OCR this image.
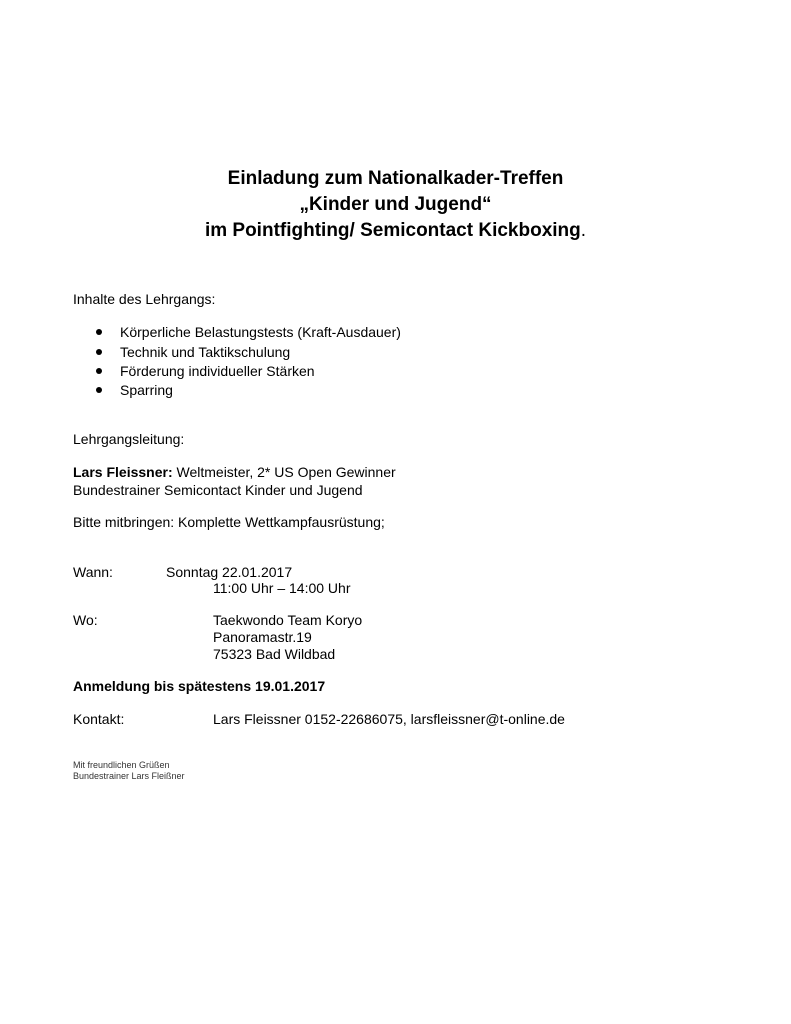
Einladung zum Nationalkader-Treffen
„Kinder und Jugend“
im Pointfighting/ Semicontact Kickboxing.
Inhalte des Lehrgangs:
Körperliche Belastungstests (Kraft-Ausdauer)
Technik und Taktikschulung
Förderung individueller Stärken
Sparring
Lehrgangsleitung:
Lars Fleissner: Weltmeister, 2* US Open Gewinner
Bundestrainer Semicontact Kinder und Jugend
Bitte mitbringen: Komplette Wettkampfausrüstung;
Wann:	Sonntag 22.01.2017
11:00 Uhr – 14:00 Uhr
Wo:	Taekwondo Team Koryo
Panoramastr.19
75323 Bad Wildbad
Anmeldung bis spätestens 19.01.2017
Kontakt:	Lars Fleissner 0152-22686075, larsfleissner@t-online.de
Mit freundlichen Grüßen
Bundestrainer Lars Fleißner
